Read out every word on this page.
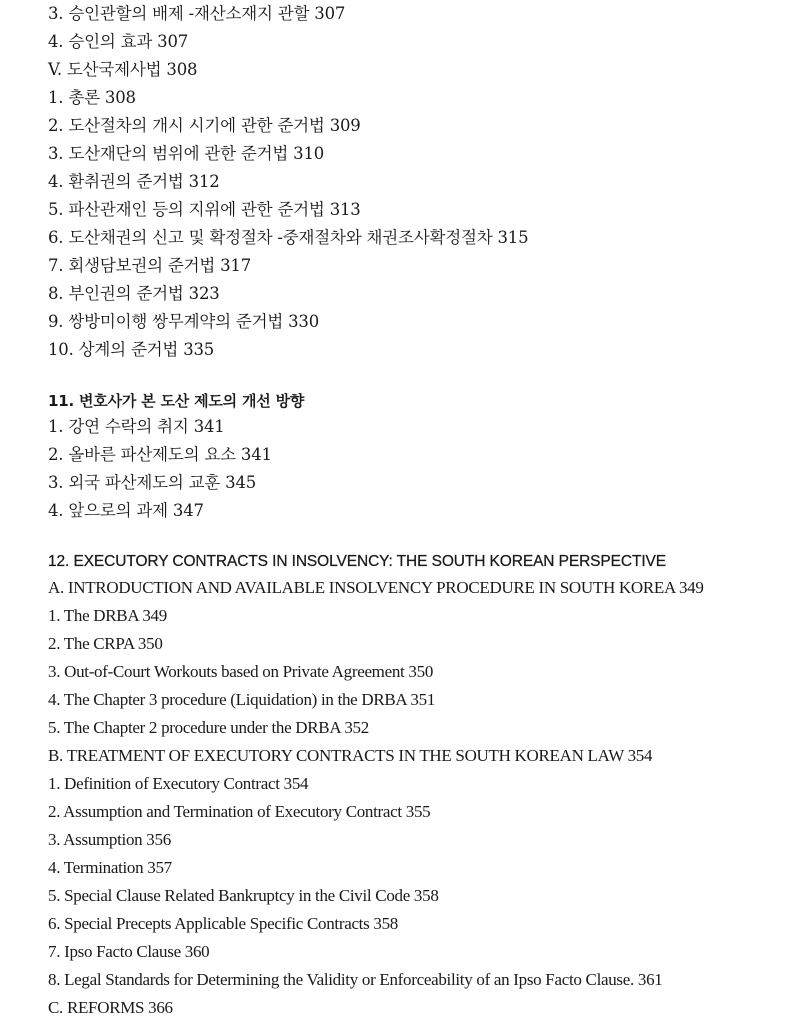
3. 승인관할의 배제 -재산소재지 관할 307
4. 승인의 효과 307
V. 도산국제사법 308
1. 총론 308
2. 도산절차의 개시 시기에 관한 준거법 309
3. 도산재단의 범위에 관한 준거법 310
4. 환취권의 준거법 312
5. 파산관재인 등의 지위에 관한 준거법 313
6. 도산채권의 신고 및 확정절차 -중재절차와 채권조사확정절차 315
7. 회생담보권의 준거법 317
8. 부인권의 준거법 323
9. 쌍방미이행 쌍무계약의 준거법 330
10. 상계의 준거법 335
11. 변호사가 본 도산 제도의 개선 방향
1. 강연 수락의 취지 341
2. 올바른 파산제도의 요소 341
3. 외국 파산제도의 교훈 345
4. 앞으로의 과제 347
12. EXECUTORY CONTRACTS IN INSOLVENCY: THE SOUTH KOREAN PERSPECTIVE
A. INTRODUCTION AND AVAILABLE INSOLVENCY PROCEDURE IN SOUTH KOREA 349
1. The DRBA 349
2. The CRPA 350
3. Out-of-Court Workouts based on Private Agreement 350
4. The Chapter 3 procedure (Liquidation) in the DRBA 351
5. The Chapter 2 procedure under the DRBA 352
B. TREATMENT OF EXECUTORY CONTRACTS IN THE SOUTH KOREAN LAW 354
1. Definition of Executory Contract 354
2. Assumption and Termination of Executory Contract 355
3. Assumption 356
4. Termination 357
5. Special Clause Related Bankruptcy in the Civil Code 358
6. Special Precepts Applicable Specific Contracts 358
7. Ipso Facto Clause 360
8. Legal Standards for Determining the Validity or Enforceability of an Ipso Facto Clause. 361
C. REFORMS 366
